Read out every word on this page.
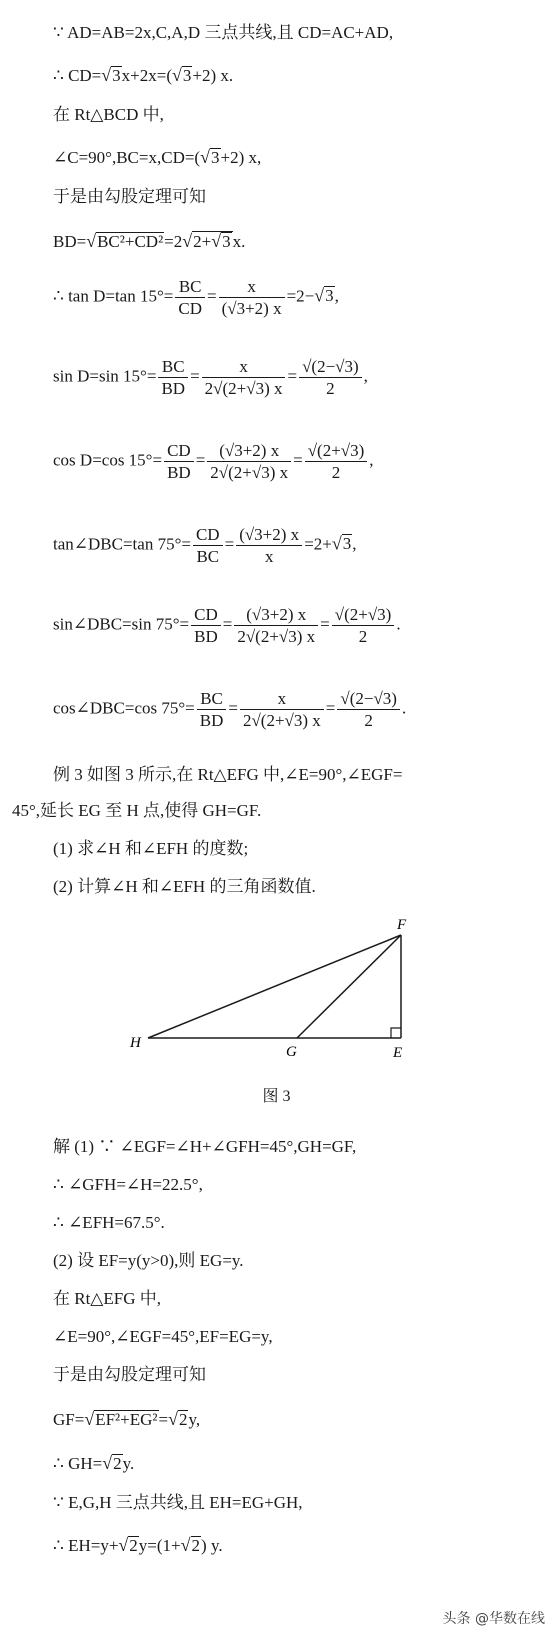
∵ AD=AB=2x,C,A,D 三点共线,且 CD=AC+AD,
∴ CD=√3x+2x=(√3+2) x.
在 Rt△BCD 中,
∠C=90°,BC=x,CD=(√3+2) x,
于是由勾股定理可知
BD=√BC²+CD²=2√2+√3 x.
∴ tan D=tan $15^\circ= \frac{BC}{CD} = \frac{x}{(√3+2) x} =2-√3$,
sin D=sin $15^\circ= \frac{BC}{BD} = \frac{x}{2√(2+√3) x} = \frac{√(2-√3)}{2}$ ,
cos D=cos $15^\circ= \frac{CD}{BD} = \frac{(√3+2) x}{2√(2+√3) x} = \frac{√(2+√3)}{2}$ ,
tan∠DBC=tan $75^\circ= \frac{CD}{BC} = \frac{(√3+2) x}{x} =2+√3$,
sin∠DBC=sin $75^\circ= \frac{CD}{BD} = \frac{(√3+2) x}{2√(2+√3) x} = \frac{√(2+√3)}{2}$ .
cos∠DBC=cos $75^\circ= \frac{BC}{BD} = \frac{x}{2√(2+√3) x} = \frac{√(2-√3)}{2}$ .
例 3 如图 3 所示,在 Rt△EFG 中,∠E=90°,∠EGF=
45°,延长 EG 至 H 点,使得 GH=GF.
(1) 求∠H 和∠EFH 的度数;
(2) 计算∠H 和∠EFH 的三角函数值.
F
H
G	E
图 3
解 (1) ∵ ∠EGF=∠H+∠GFH=45°,GH=GF,
∴ ∠GFH=∠H=22.5°,
∴ ∠EFH=67.5°.
(2) 设 EF=y(y>0),则 EG=y.
在 Rt△EFG 中,
∠E=90°,∠EGF=45°,EF=EG=y,
于是由勾股定理可知
GF=√EF²+EG²=√2y,
∴ GH=√2y.
∵ E,G,H 三点共线,且 EH=EG+GH,
∴ EH=y+√2y=(1+√2) y.
头条 @华数在线
